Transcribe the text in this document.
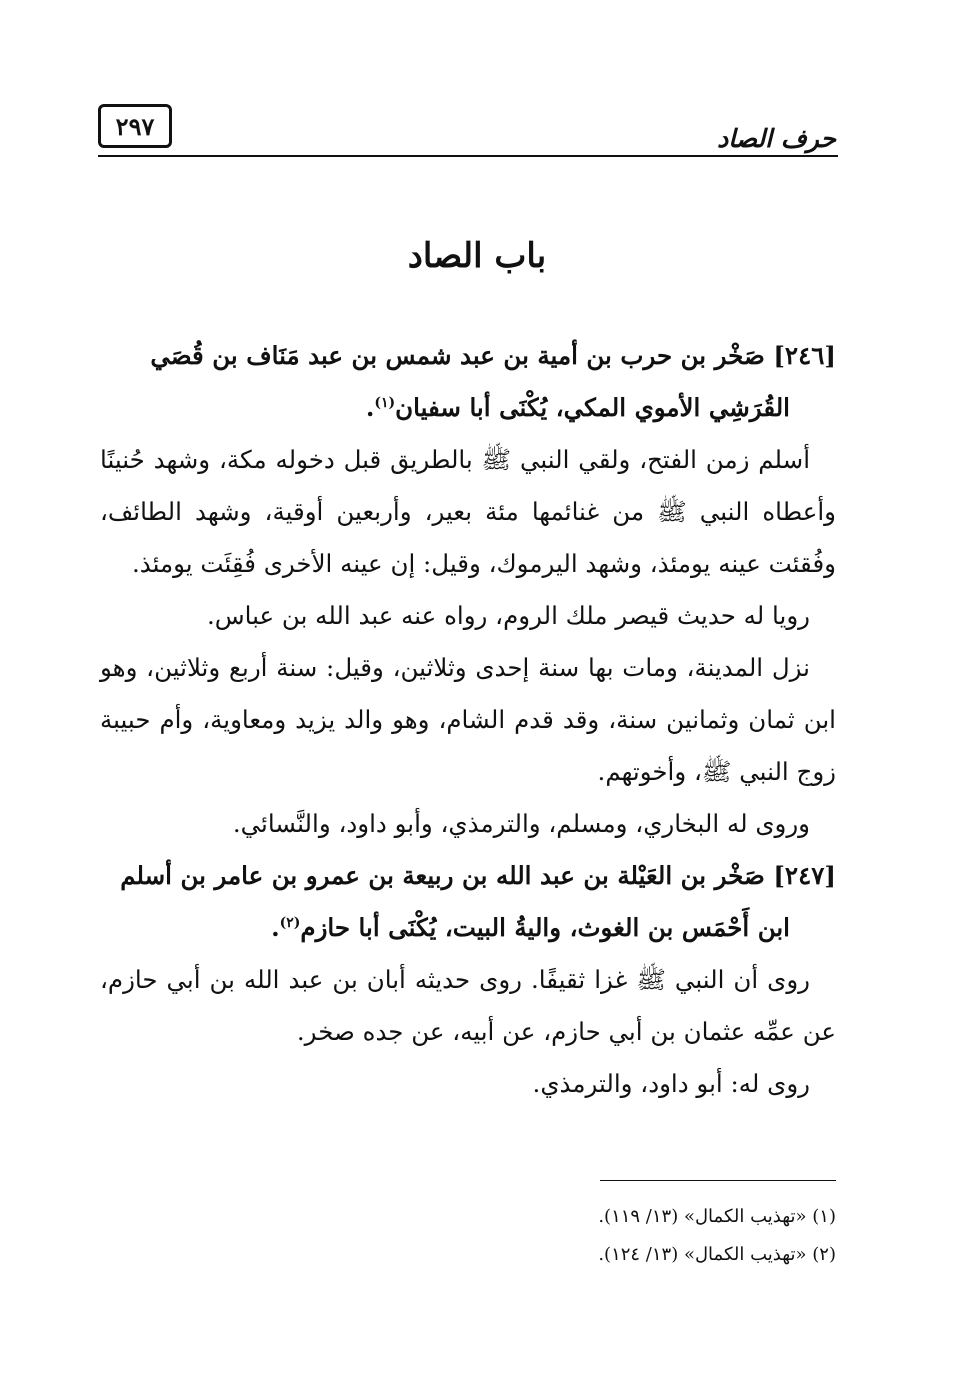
حرف الصاد
٢٩٧
باب الصاد

[٢٤٦] صَخْر بن حرب بن أمية بن عبد شمس بن عبد مَنَاف بن قُصَي

القُرَشِي الأموي المكي، يُكْنَى أبا سفيان$^{(١)}$.

أسلم زمن الفتح، ولقي النبي ﷺ بالطريق قبل دخوله مكة، وشهد حُنينًا وأعطاه النبي ﷺ من غنائمها مئة بعير، وأربعين أوقية، وشهد الطائف، وفُقئت عينه يومئذ، وشهد اليرموك، وقيل: إن عينه الأخرى فُقِئَت يومئذ.

رويا له حديث قيصر ملك الروم، رواه عنه عبد الله بن عباس.

نزل المدينة، ومات بها سنة إحدى وثلاثين، وقيل: سنة أربع وثلاثين، وهو ابن ثمان وثمانين سنة، وقد قدم الشام، وهو والد يزيد ومعاوية، وأم حبيبة زوج النبي ﷺ، وأخوتهم.

وروى له البخاري، ومسلم، والترمذي، وأبو داود، والنَّسائي.

[٢٤٧] صَخْر بن العَيْلة بن عبد الله بن ربيعة بن عمرو بن عامر بن أسلم

ابن أَحْمَس بن الغوث، واليةُ البيت، يُكْنَى أبا حازم$^{(٢)}$.

روى أن النبي ﷺ غزا ثقيفًا. روى حديثه أبان بن عبد الله بن أبي حازم، عن عمِّه عثمان بن أبي حازم، عن أبيه، عن جده صخر.

روى له: أبو داود، والترمذي.

(١) «تهذيب الكمال» (١٣/ ١١٩).

(٢) «تهذيب الكمال» (١٣/ ١٢٤).
